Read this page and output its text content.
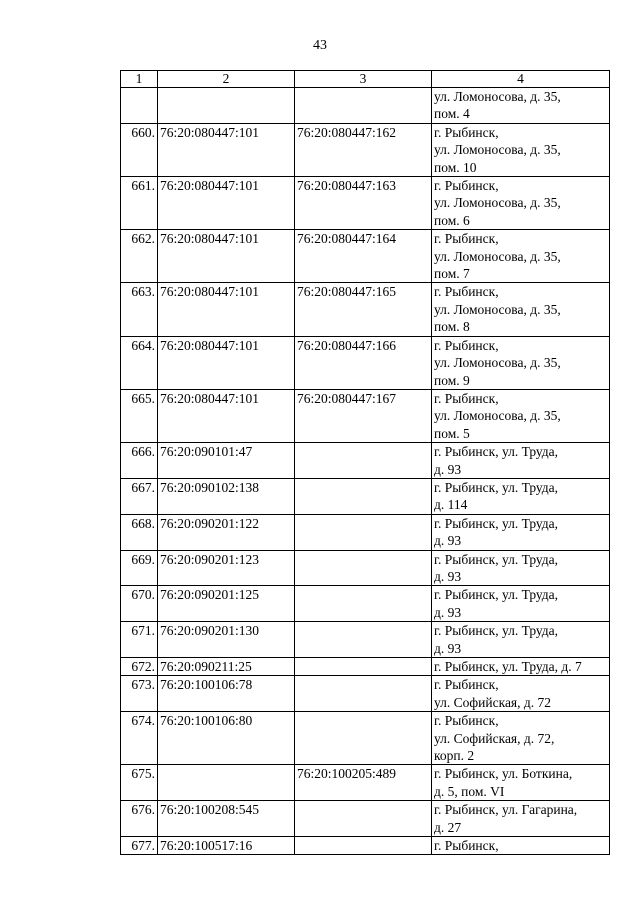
43
1	2	3	4

			ул. Ломоносова, д. 35,
пом. 4

660.	76:20:080447:101	76:20:080447:162	г. Рыбинск,
ул. Ломоносова, д. 35,
пом. 10

661.	76:20:080447:101	76:20:080447:163	г. Рыбинск,
ул. Ломоносова, д. 35,
пом. 6

662.	76:20:080447:101	76:20:080447:164	г. Рыбинск,
ул. Ломоносова, д. 35,
пом. 7

663.	76:20:080447:101	76:20:080447:165	г. Рыбинск,
ул. Ломоносова, д. 35,
пом. 8

664.	76:20:080447:101	76:20:080447:166	г. Рыбинск,
ул. Ломоносова, д. 35,
пом. 9

665.	76:20:080447:101	76:20:080447:167	г. Рыбинск,
ул. Ломоносова, д. 35,
пом. 5

666.	76:20:090101:47		г. Рыбинск, ул. Труда,
д. 93

667.	76:20:090102:138		г. Рыбинск, ул. Труда,
д. 114

668.	76:20:090201:122		г. Рыбинск, ул. Труда,
д. 93

669.	76:20:090201:123		г. Рыбинск, ул. Труда,
д. 93

670.	76:20:090201:125		г. Рыбинск, ул. Труда,
д. 93

671.	76:20:090201:130		г. Рыбинск, ул. Труда,
д. 93

672.	76:20:090211:25		г. Рыбинск, ул. Труда, д. 7

673.	76:20:100106:78		г. Рыбинск,
ул. Софийская, д. 72

674.	76:20:100106:80		г. Рыбинск,
ул. Софийская, д. 72,
корп. 2

675.		76:20:100205:489	г. Рыбинск, ул. Боткина,
д. 5, пом. VI

676.	76:20:100208:545		г. Рыбинск, ул. Гагарина,
д. 27

677.	76:20:100517:16		г. Рыбинск,
